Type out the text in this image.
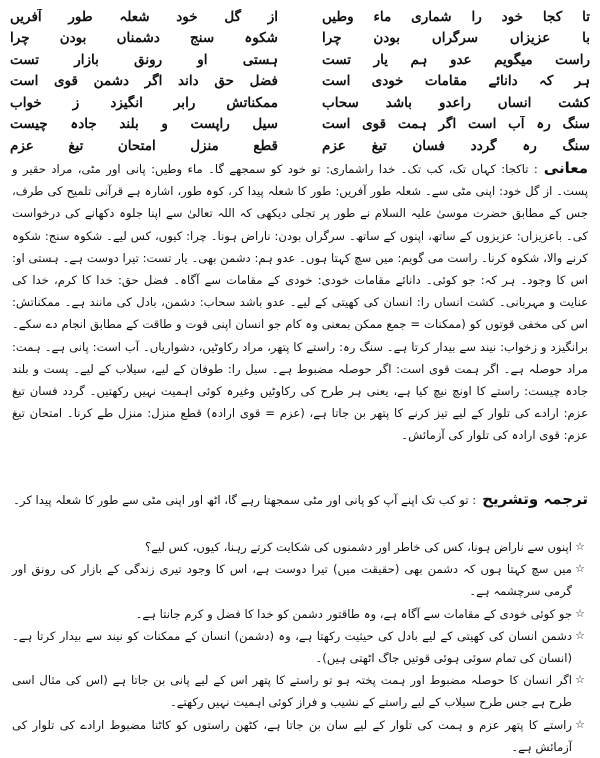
تا کجا خود را شماری ماء وطیں
از گل خود شعلہ طور آفریں
با عزیزاں سرگراں بودن چرا
شکوہ سنج دشمناں بودن چرا
راست میگویم عدو ہم یار تست
ہستی او رونق بازار تست
ہر کہ دانائے مقامات خودی است
فضل حق داند اگر دشمن قوی است
کشت انساں راعدو باشد سحاب
ممکناتش رابر انگیزد ز خواب
سنگ رہ آب است اگر ہمت قوی است
سیل راپست و بلند جادہ چیست
سنگ رہ گردد فسان تیغ عزم
قطع منزل امتحان تیغ عزم
معانی: تاکجا: کہاں تک، کب تک۔ خدا راشماری: تو خود کو سمجھے گا۔ ماء وطیں: پانی اور مٹی، مراد حقیر و پست۔ از گل خود: اپنی مٹی سے۔ شعلہ طور آفریں: طور کا شعلہ پیدا کر، کوہ طور، اشارہ ہے قرآنی تلمیح کی طرف، جس کے مطابق حضرت موسیٰ علیہ السلام نے طور پر تجلی دیکھی کہ اللہ تعالیٰ سے اپنا جلوہ دکھانے کی درخواست کی۔ باعزیزاں: عزیزوں کے ساتھ، اپنوں کے ساتھ۔ سرگراں بودن: ناراض ہونا۔ چرا: کیوں، کس لیے۔ شکوہ سنج: شکوہ کرنے والا، شکوہ کرنا۔ راست می گویم: میں سچ کہتا ہوں۔ عدو ہم: دشمن بھی۔ یار تست: تیرا دوست ہے۔ ہستی او: اس کا وجود۔ ہر کہ: جو کوئی۔ دانائے مقامات خودی: خودی کے مقامات سے آگاہ۔ فضل حق: خدا کا کرم، خدا کی عنایت و مہربانی۔ کشت انساں را: انسان کی کھیتی کے لیے۔ عدو باشد سحاب: دشمن، بادل کی مانند ہے۔ ممکناتش: اس کی مخفی قوتوں کو (ممکنات = جمع ممکن بمعنی وہ کام جو انسان اپنی قوت و طاقت کے مطابق انجام دے سکے۔ برانگیزد و زخواب: نیند سے بیدار کرتا ہے۔ سنگ رہ: راستے کا پتھر، مراد رکاوٹیں، دشواریاں۔ آب است: پانی ہے۔ ہمت: مراد حوصلہ ہے۔ اگر ہمت قوی است: اگر حوصلہ مضبوط ہے۔ سیل را: طوفان کے لیے، سیلاب کے لیے۔ پست و بلند جادہ چیست: راستے کا اونچ نیچ کیا ہے، یعنی ہر طرح کی رکاوٹیں وغیرہ کوئی اہمیت نہیں رکھتیں۔ گردد فسان تیغ عزم: ارادے کی تلوار کے لیے تیز کرنے کا پتھر بن جاتا ہے، (عزم = قوی ارادہ) قطع منزل: منزل طے کرنا۔ امتحان تیغ عزم: قوی ارادہ کی تلوار کی آزمائش۔
ترجمہ وتشریح: تو کب تک اپنے آپ کو پانی اور مٹی سمجھتا رہے گا، اٹھ اور اپنی مٹی سے طور کا شعلہ پیدا کر۔
☆
اپنوں سے ناراض ہونا، کس کی خاطر اور دشمنوں کی شکایت کرتے رہنا، کیوں، کس لیے؟
☆
میں سچ کہتا ہوں کہ دشمن بھی (حقیقت میں) تیرا دوست ہے، اس کا وجود تیری زندگی کے بازار کی رونق اور گرمی سرچشمہ ہے۔
☆
جو کوئی خودی کے مقامات سے آگاہ ہے، وہ طاقتور دشمن کو خدا کا فضل و کرم جانتا ہے۔
☆
دشمن انسان کی کھیتی کے لیے بادل کی حیثیت رکھتا ہے، وہ (دشمن) انسان کے ممکنات کو نیند سے بیدار کرتا ہے۔ (انسان کی تمام سوئی ہوئی قوتیں جاگ اٹھتی ہیں)۔
☆
اگر انسان کا حوصلہ مضبوط اور ہمت پختہ ہو تو راستے کا پتھر اس کے لیے پانی بن جاتا ہے (اس کی مثال اسی طرح ہے جس طرح سیلاب کے لیے راستے کے نشیب و فراز کوئی اہمیت نہیں رکھتے۔
☆
راستے کا پتھر عزم و ہمت کی تلوار کے لیے سان بن جاتا ہے، کٹھن راستوں کو کاٹنا مضبوط ارادے کی تلوار کی آزمائش ہے۔
